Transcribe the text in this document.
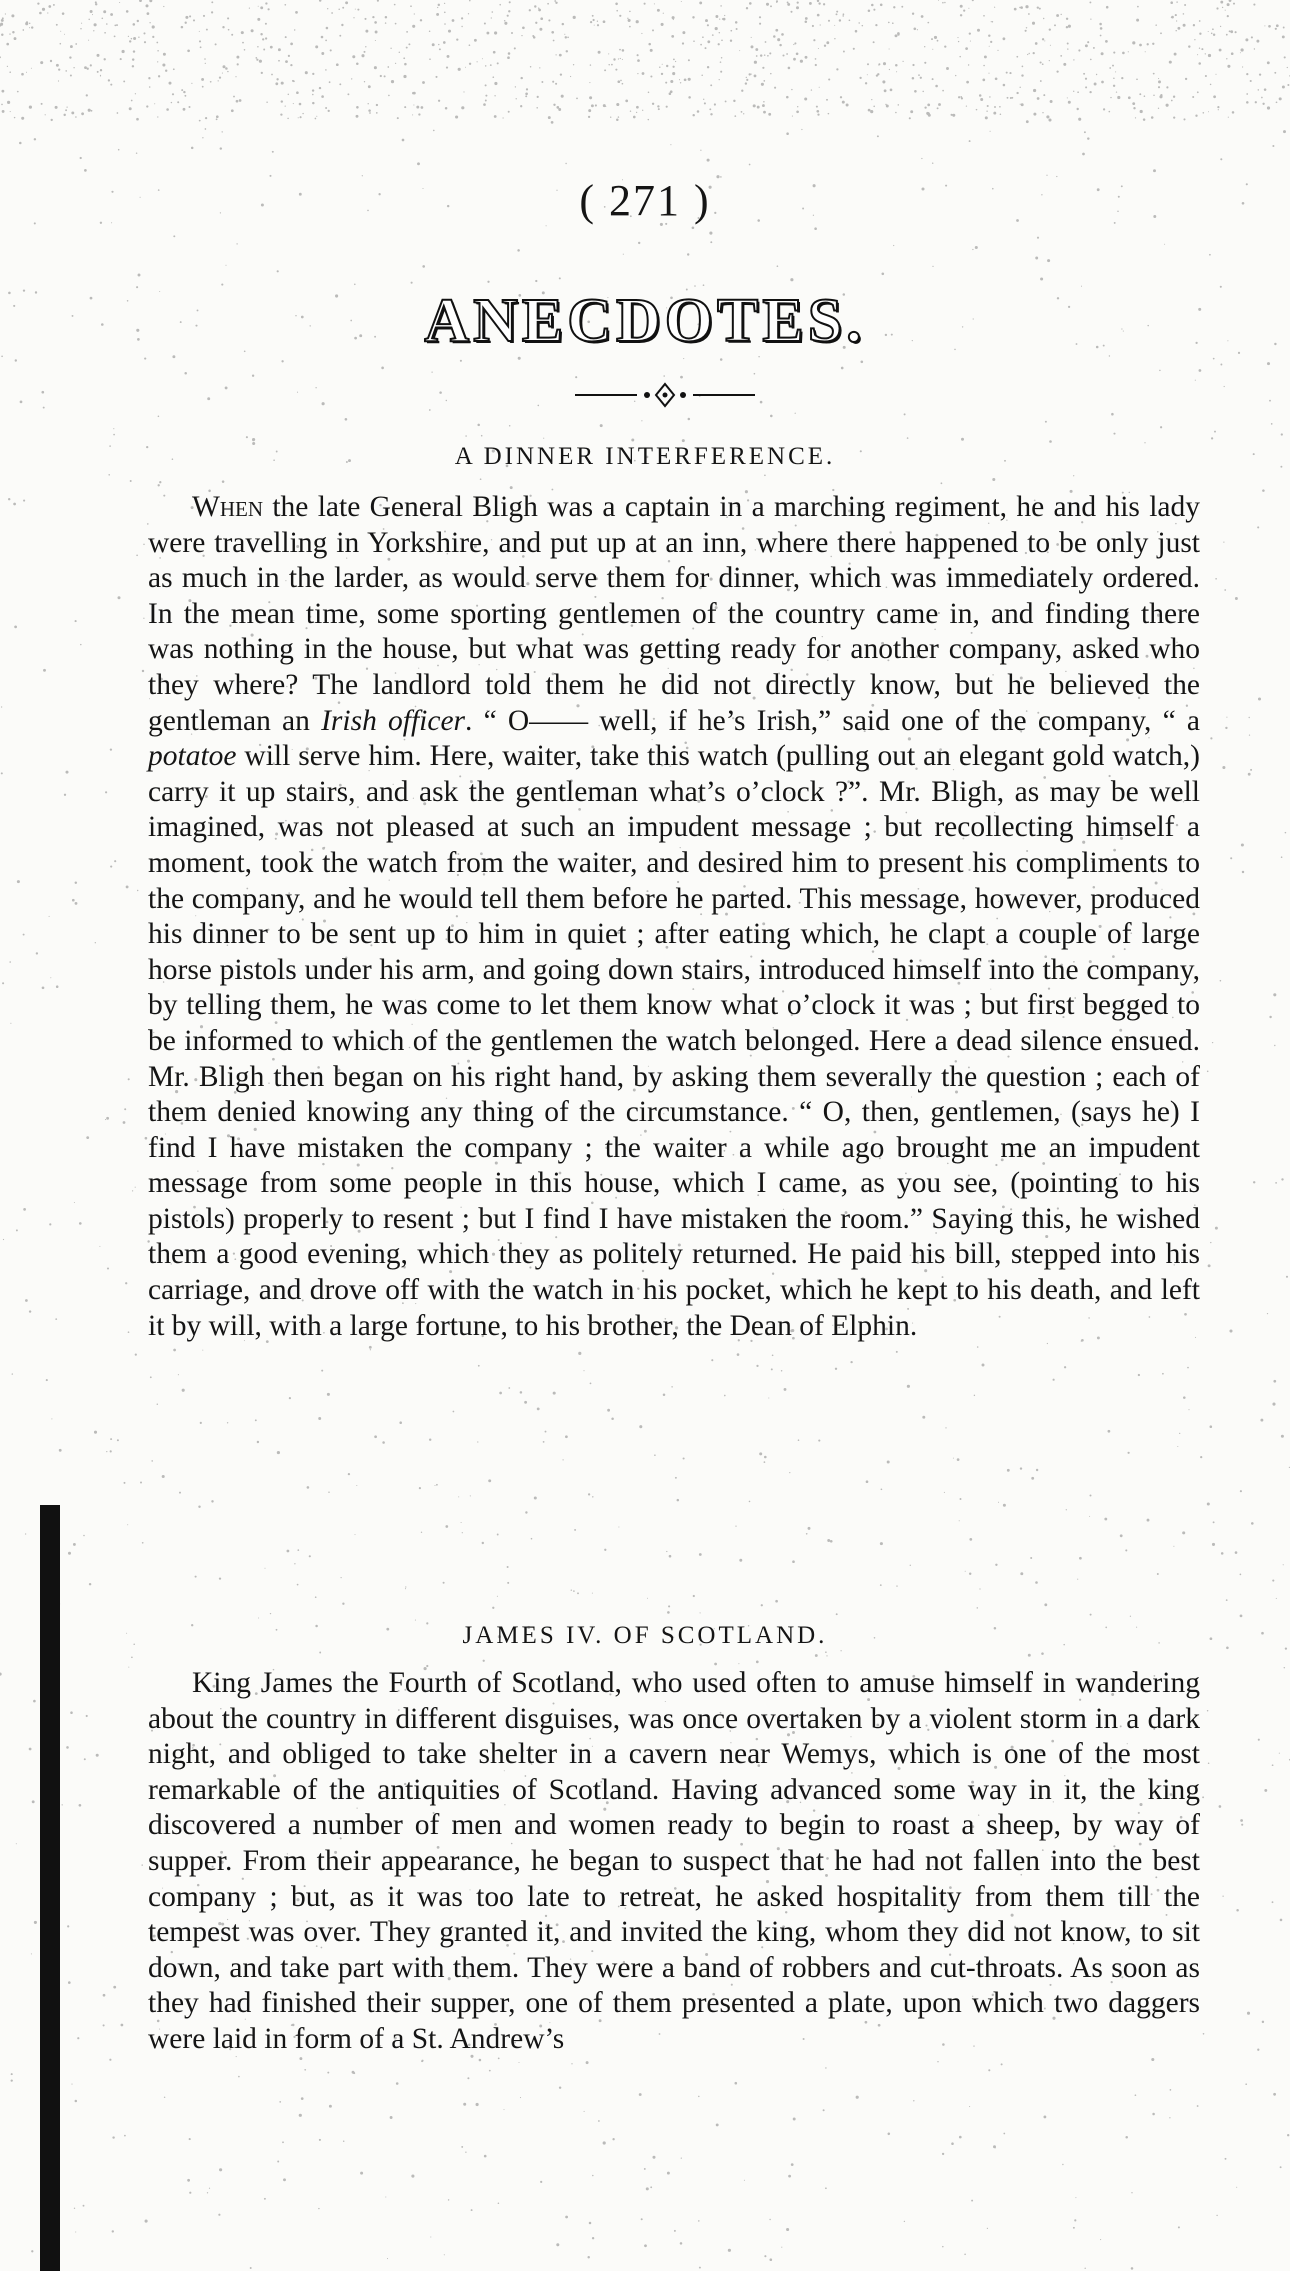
( 271 )
ANECDOTES.
A DINNER INTERFERENCE.

When the late General Bligh was a captain in a marching regiment, he and his lady were travelling in Yorkshire, and put up at an inn, where there happened to be only just as much in the larder, as would serve them for dinner, which was immediately ordered. In the mean time, some sporting gentlemen of the country came in, and finding there was nothing in the house, but what was getting ready for another company, asked who they where? The landlord told them he did not directly know, but he believed the gentleman an Irish officer. “ O—— well, if he’s Irish,” said one of the company, “ a potatoe will serve him. Here, waiter, take this watch (pulling out an elegant gold watch,) carry it up stairs, and ask the gentleman what’s o’clock ?”. Mr. Bligh, as may be well imagined, was not pleased at such an impudent message ; but recollecting himself a moment, took the watch from the waiter, and desired him to present his compliments to the company, and he would tell them before he parted. This message, however, produced his dinner to be sent up to him in quiet ; after eating which, he clapt a couple of large horse pistols under his arm, and going down stairs, introduced himself into the company, by telling them, he was come to let them know what o’clock it was ; but first begged to be informed to which of the gentlemen the watch belonged. Here a dead silence ensued. Mr. Bligh then began on his right hand, by asking them severally the question ; each of them denied knowing any thing of the circumstance. “ O, then, gentlemen, (says he) I find I have mistaken the company ; the waiter a while ago brought me an impudent message from some people in this house, which I came, as you see, (pointing to his pistols) properly to resent ; but I find I have mistaken the room.” Saying this, he wished them a good evening, which they as politely returned. He paid his bill, stepped into his carriage, and drove off with the watch in his pocket, which he kept to his death, and left it by will, with a large fortune, to his brother, the Dean of Elphin.

JAMES IV. OF SCOTLAND.

King James the Fourth of Scotland, who used often to amuse himself in wandering about the country in different disguises, was once overtaken by a violent storm in a dark night, and obliged to take shelter in a cavern near Wemys, which is one of the most remarkable of the antiquities of Scotland. Having advanced some way in it, the king discovered a number of men and women ready to begin to roast a sheep, by way of supper. From their appearance, he began to suspect that he had not fallen into the best company ; but, as it was too late to retreat, he asked hospitality from them till the tempest was over. They granted it, and invited the king, whom they did not know, to sit down, and take part with them. They were a band of robbers and cut-throats. As soon as they had finished their supper, one of them presented a plate, upon which two daggers were laid in form of a St. Andrew’s
